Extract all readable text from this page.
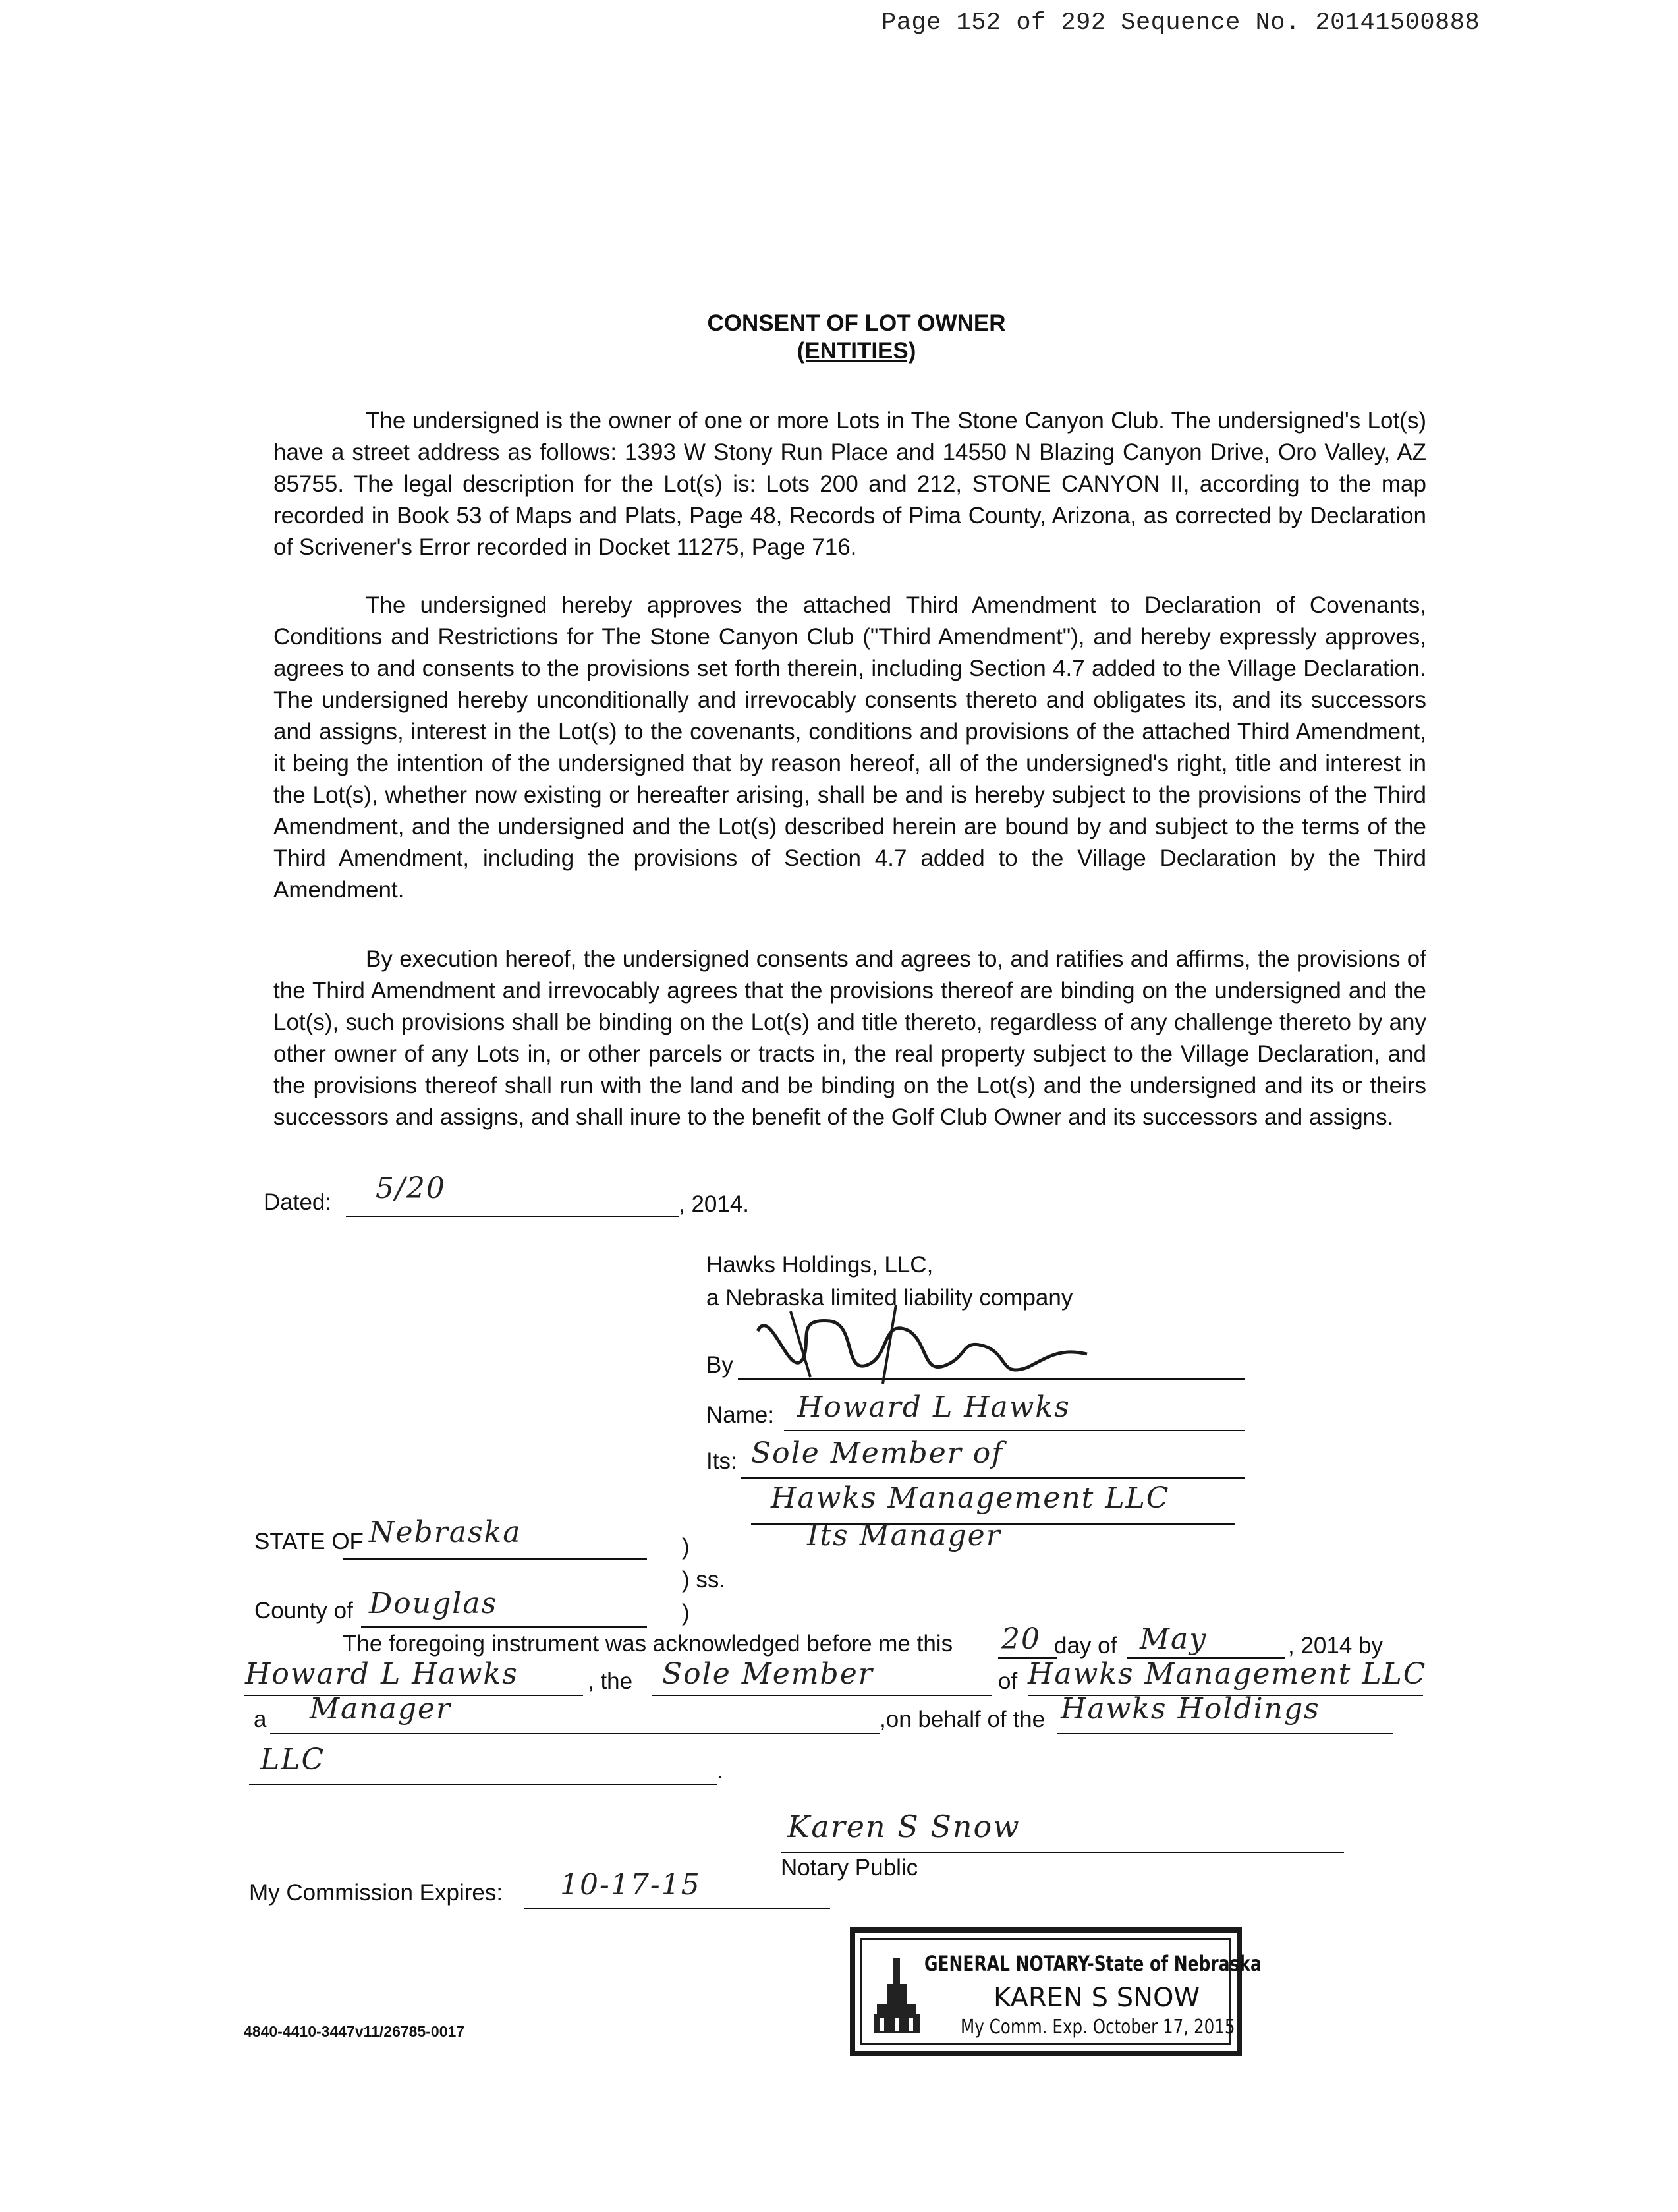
Page 152 of 292 Sequence No. 20141500888
CONSENT OF LOT OWNER
(ENTITIES)
The undersigned is the owner of one or more Lots in The Stone Canyon Club. The undersigned's Lot(s) have a street address as follows: 1393 W Stony Run Place and 14550 N Blazing Canyon Drive, Oro Valley, AZ 85755. The legal description for the Lot(s) is: Lots 200 and 212, STONE CANYON II, according to the map recorded in Book 53 of Maps and Plats, Page 48, Records of Pima County, Arizona, as corrected by Declaration of Scrivener's Error recorded in Docket 11275, Page 716.
The undersigned hereby approves the attached Third Amendment to Declaration of Covenants, Conditions and Restrictions for The Stone Canyon Club ("Third Amendment"), and hereby expressly approves, agrees to and consents to the provisions set forth therein, including Section 4.7 added to the Village Declaration. The undersigned hereby unconditionally and irrevocably consents thereto and obligates its, and its successors and assigns, interest in the Lot(s) to the covenants, conditions and provisions of the attached Third Amendment, it being the intention of the undersigned that by reason hereof, all of the undersigned's right, title and interest in the Lot(s), whether now existing or hereafter arising, shall be and is hereby subject to the provisions of the Third Amendment, and the undersigned and the Lot(s) described herein are bound by and subject to the terms of the Third Amendment, including the provisions of Section 4.7 added to the Village Declaration by the Third Amendment.
By execution hereof, the undersigned consents and agrees to, and ratifies and affirms, the provisions of the Third Amendment and irrevocably agrees that the provisions thereof are binding on the undersigned and the Lot(s), such provisions shall be binding on the Lot(s) and title thereto, regardless of any challenge thereto by any other owner of any Lots in, or other parcels or tracts in, the real property subject to the Village Declaration, and the provisions thereof shall run with the land and be binding on the Lot(s) and the undersigned and its or theirs successors and assigns, and shall inure to the benefit of the Golf Club Owner and its successors and assigns.
Dated: 5/20	, 2014.
Hawks Holdings, LLC,
a Nebraska limited liability company
By
Name: Howard L Hawks
Its: Sole Member of
Hawks Management LLC
Its Manager
STATE OF Nebraska	)
) ss.
County of Douglas	)
The foregoing instrument was acknowledged before me this 20 day of May	, 2014 by
Howard L Hawks	, the Sole Member	of Hawks Management LLC
a Manager	,on behalf of the Hawks Holdings
LLC	.
Karen S Snow
Notary Public
My Commission Expires: 10-17-15
GENERAL NOTARY-State of Nebraska
KAREN S SNOW
My Comm. Exp. October 17, 2015
4840-4410-3447v11/26785-0017
